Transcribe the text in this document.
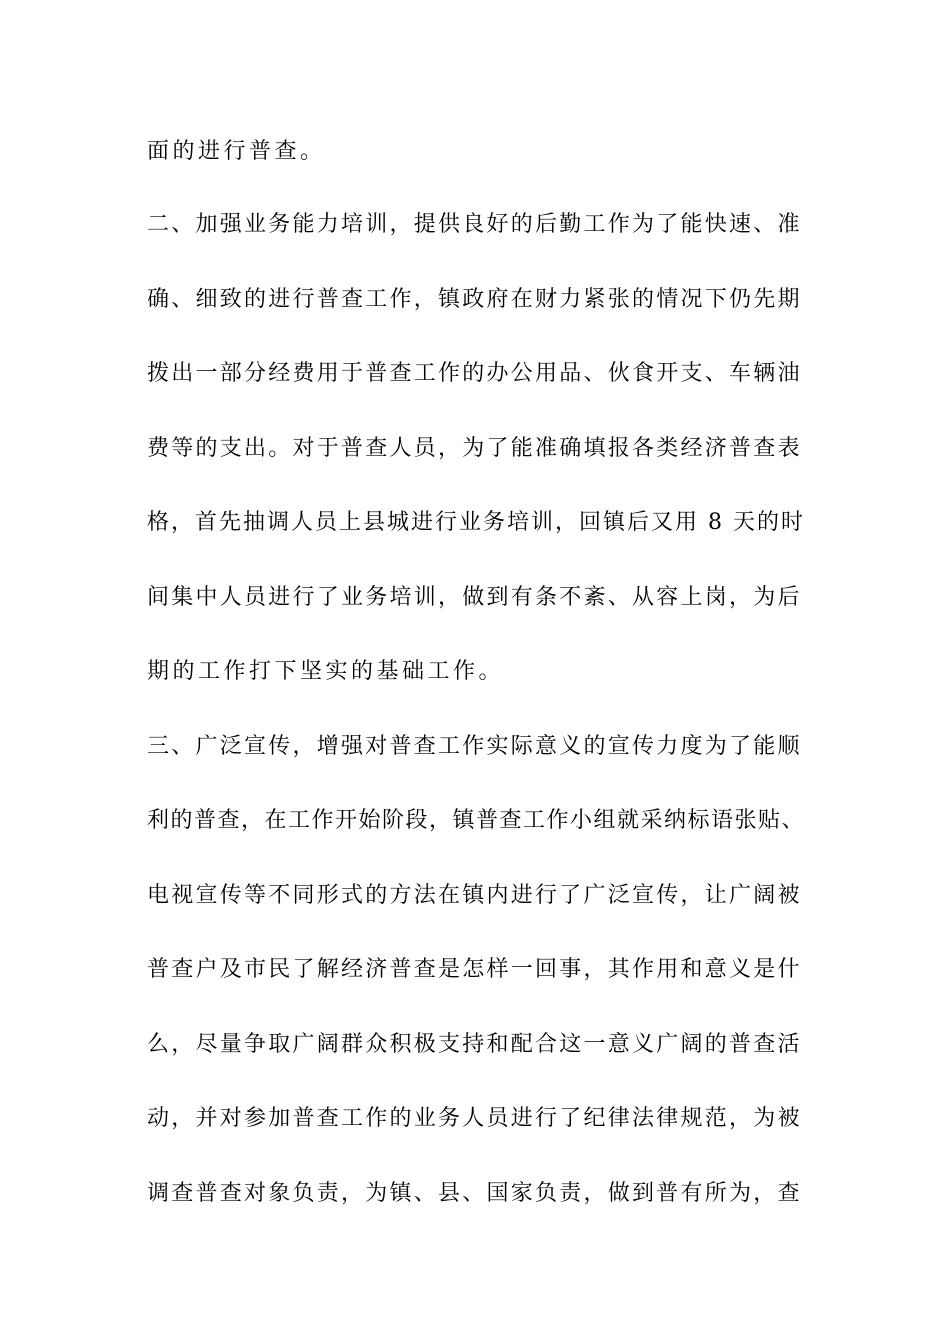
面的进行普查。
二、加强业务能力培训，提供良好的后勤工作为了能快速、准
确、细致的进行普查工作，镇政府在财力紧张的情况下仍先期
拨出一部分经费用于普查工作的办公用品、伙食开支、车辆油
费等的支出。对于普查人员，为了能准确填报各类经济普查表
格，首先抽调人员上县城进行业务培训，回镇后又用 8 天的时
间集中人员进行了业务培训，做到有条不紊、从容上岗，为后
期的工作打下坚实的基础工作。
三、广泛宣传，增强对普查工作实际意义的宣传力度为了能顺
利的普查，在工作开始阶段，镇普查工作小组就采纳标语张贴、
电视宣传等不同形式的方法在镇内进行了广泛宣传，让广阔被
普查户及市民了解经济普查是怎样一回事，其作用和意义是什
么，尽量争取广阔群众积极支持和配合这一意义广阔的普查活
动，并对参加普查工作的业务人员进行了纪律法律规范，为被
调查普查对象负责，为镇、县、国家负责，做到普有所为，查
